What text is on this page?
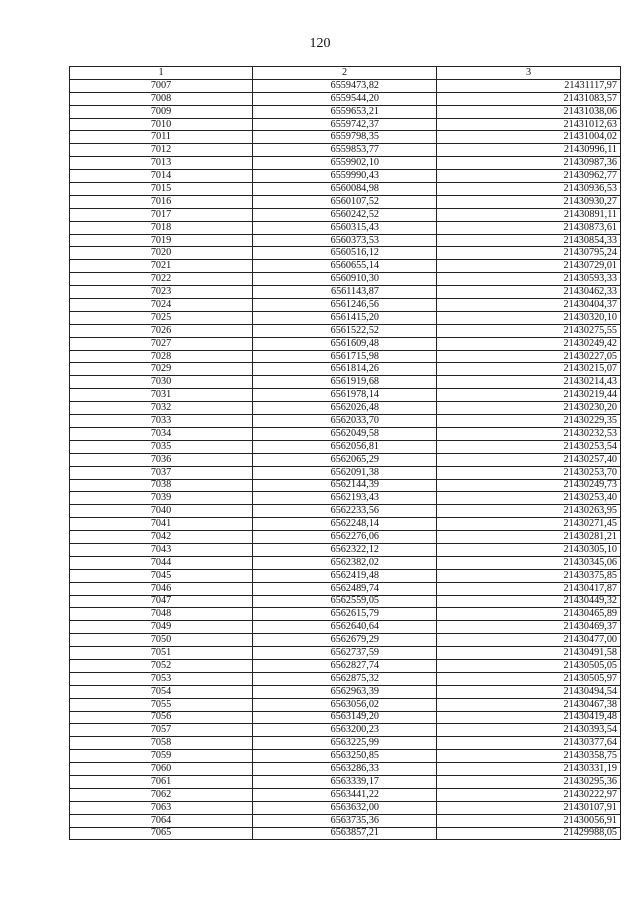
120
1	2	3
7007	6559473,82	21431117,97
7008	6559544,20	21431083,57
7009	6559653,21	21431038,06
7010	6559742,37	21431012,63
7011	6559798,35	21431004,02
7012	6559853,77	21430996,11
7013	6559902,10	21430987,36
7014	6559990,43	21430962,77
7015	6560084,98	21430936,53
7016	6560107,52	21430930,27
7017	6560242,52	21430891,11
7018	6560315,43	21430873,61
7019	6560373,53	21430854,33
7020	6560516,12	21430795,24
7021	6560655,14	21430729,01
7022	6560910,30	21430593,33
7023	6561143,87	21430462,33
7024	6561246,56	21430404,37
7025	6561415,20	21430320,10
7026	6561522,52	21430275,55
7027	6561609,48	21430249,42
7028	6561715,98	21430227,05
7029	6561814,26	21430215,07
7030	6561919,68	21430214,43
7031	6561978,14	21430219,44
7032	6562026,48	21430230,20
7033	6562033,70	21430229,35
7034	6562049,58	21430232,53
7035	6562056,81	21430253,54
7036	6562065,29	21430257,40
7037	6562091,38	21430253,70
7038	6562144,39	21430249,73
7039	6562193,43	21430253,40
7040	6562233,56	21430263,95
7041	6562248,14	21430271,45
7042	6562276,06	21430281,21
7043	6562322,12	21430305,10
7044	6562382,02	21430345,06
7045	6562419,48	21430375,85
7046	6562489,74	21430417,87
7047	6562559,05	21430449,32
7048	6562615,79	21430465,89
7049	6562640,64	21430469,37
7050	6562679,29	21430477,00
7051	6562737,59	21430491,58
7052	6562827,74	21430505,05
7053	6562875,32	21430505,97
7054	6562963,39	21430494,54
7055	6563056,02	21430467,38
7056	6563149,20	21430419,48
7057	6563200,23	21430393,54
7058	6563225,99	21430377,64
7059	6563250,85	21430358,75
7060	6563286,33	21430331,19
7061	6563339,17	21430295,36
7062	6563441,22	21430222,97
7063	6563632,00	21430107,91
7064	6563735,36	21430056,91
7065	6563857,21	21429988,05
